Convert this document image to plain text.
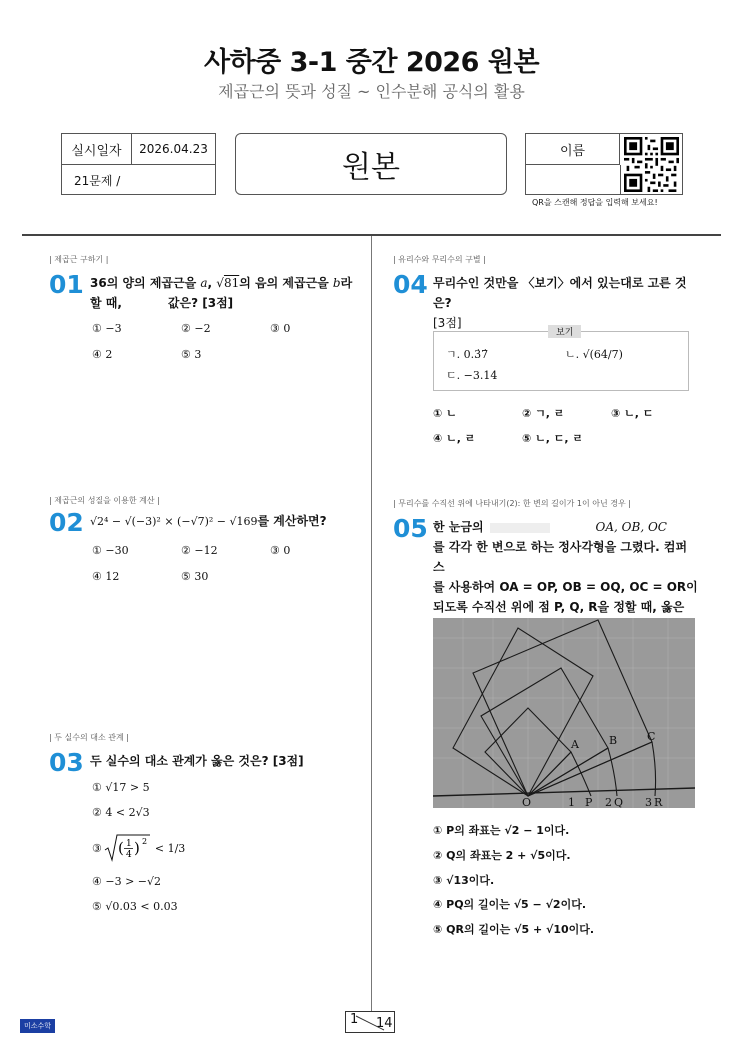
사하중 3-1 중간 2026 원본
제곱근의 뜻과 성질 ~ 인수분해 공식의 활용
실시일자	2026.04.23
21문제 /	원본	이름
QR을 스캔해 정답을 입력해 보세요!
| 제곱근 구하기 |
01 36의 양의 제곱근을 a, √81의 음의 제곱근을 b라
할 때,	값은? [3점]
① −3	② −2	③ 0
④ 2	⑤ 3
| 제곱근의 성질을 이용한 계산 |
02 √2⁴ − √(−3)² × (−√7)² − √169를 계산하면?
① −30	② −12	③ 0
④ 12	⑤ 30
| 두 실수의 대소 관계 |
03 두 실수의 대소 관계가 옳은 것은? [3점]
① √17 > 5
② 4 < 2√3
③ ( 1
4 ) 2 < 1/3
④ −3 > −√2
⑤ √0.03 < 0.03
| 유리수와 무리수의 구별 |
04 무리수인 것만을 〈보기〉에서 있는대로 고른 것은?
[3점]
보기
ㄱ. 0.3̇7̇	ㄴ. √(64/7)
ㄷ. −3.14
① ㄴ	② ㄱ, ㄹ	③ ㄴ, ㄷ
④ ㄴ, ㄹ	⑤ ㄴ, ㄷ, ㄹ
| 무리수를 수직선 위에 나타내기(2): 한 변의 길이가 1이 아닌 경우 |
05 한 눈금의	OA, OB, OC
를 각각 한 변으로 하는 정사각형을 그렸다. 컴퍼스
를 사용하여 OA = OP, OB = OQ, OC = OR이
되도록 수직선 위에 점 P, Q, R을 정할 때, 옳은

A	B	C
O	1 P 2 Q 3 R
① P의 좌표는 √2 − 1이다.
② Q의 좌표는 2 + √5이다.
③ √13이다.
④ PQ의 길이는 √5 − √2이다.
⑤ QR의 길이는 √5 + √10이다.
미소수학	1 14
